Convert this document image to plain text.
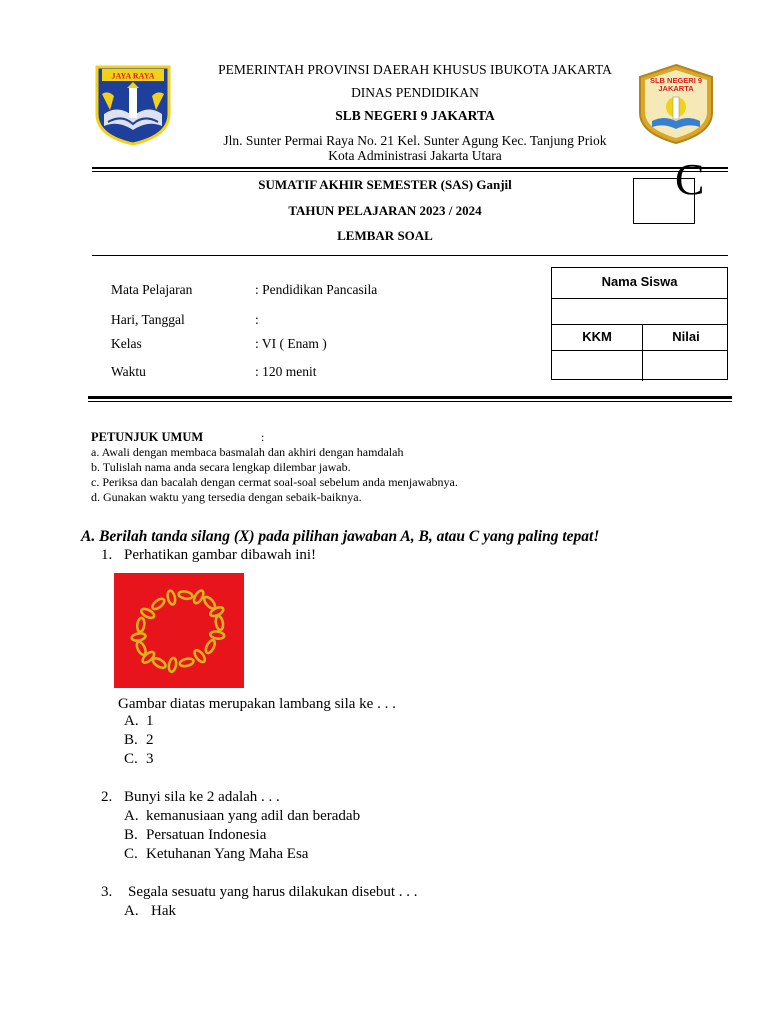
JAYA RAYA	SLB NEGERI 9
JAKARTA
PEMERINTAH PROVINSI DAERAH KHUSUS IBUKOTA JAKARTA
DINAS PENDIDIKAN
SLB NEGERI 9 JAKARTA
Jln. Sunter Permai Raya No. 21 Kel. Sunter Agung Kec. Tanjung Priok
Kota Administrasi Jakarta Utara
SUMATIF AKHIR SEMESTER (SAS) Ganjil
TAHUN PELAJARAN 2023 / 2024
LEMBAR SOAL
C
Mata Pelajaran	: Pendidikan Pancasila
Hari, Tanggal	:
Kelas	: VI ( Enam )
Waktu	: 120 menit
Nama Siswa
KKM	Nilai
PETUNJUK UMUM	:
a. Awali dengan membaca basmalah dan akhiri dengan hamdalah
b. Tulislah nama anda secara lengkap dilembar jawab.
c. Periksa dan bacalah dengan cermat soal-soal sebelum anda menjawabnya.
d. Gunakan waktu yang tersedia dengan sebaik-baiknya.
A. Berilah tanda silang (X) pada pilihan jawaban A, B, atau C yang paling tepat!
1. Perhatikan gambar dibawah ini!
Gambar diatas merupakan lambang sila ke . . .
A. 1
B. 2
C. 3
2. Bunyi sila ke 2 adalah . . .
A. kemanusiaan yang adil dan beradab
B. Persatuan Indonesia
C. Ketuhanan Yang Maha Esa
3. Segala sesuatu yang harus dilakukan disebut . . .
A. Hak
